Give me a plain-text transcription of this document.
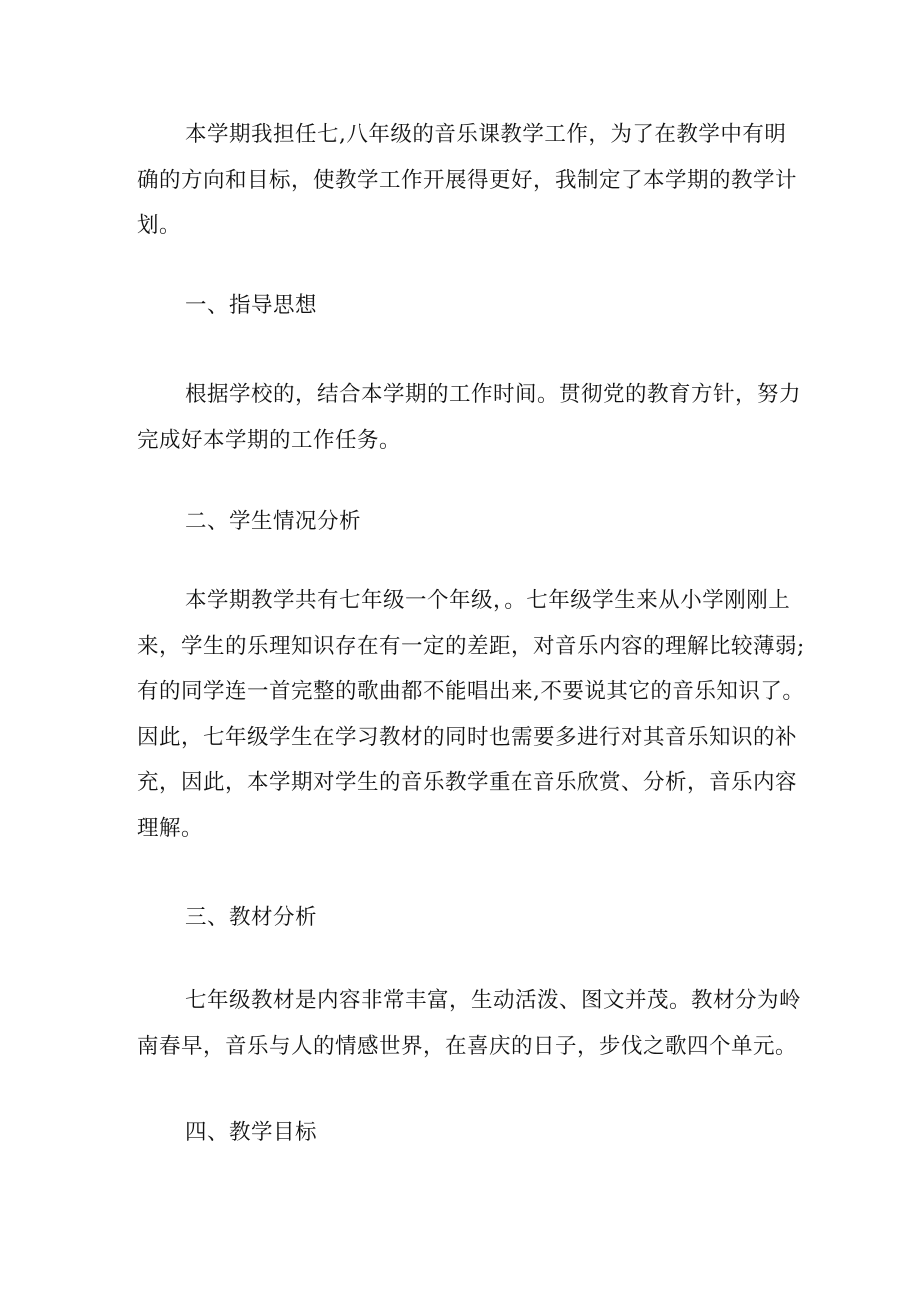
本学期我担任七,八年级的音乐课教学工作，为了在教学中有明
确的方向和目标，使教学工作开展得更好，我制定了本学期的教学计
划。
一、指导思想
根据学校的，结合本学期的工作时间。贯彻党的教育方针，努力
完成好本学期的工作任务。
二、学生情况分析
本学期教学共有七年级一个年级，。七年级学生来从小学刚刚上
来，学生的乐理知识存在有一定的差距，对音乐内容的理解比较薄弱;
有的同学连一首完整的歌曲都不能唱出来,不要说其它的音乐知识了。
因此，七年级学生在学习教材的同时也需要多进行对其音乐知识的补
充，因此，本学期对学生的音乐教学重在音乐欣赏、分析，音乐内容
理解。
三、教材分析
七年级教材是内容非常丰富，生动活泼、图文并茂。教材分为岭
南春早，音乐与人的情感世界，在喜庆的日子，步伐之歌四个单元。
四、教学目标
